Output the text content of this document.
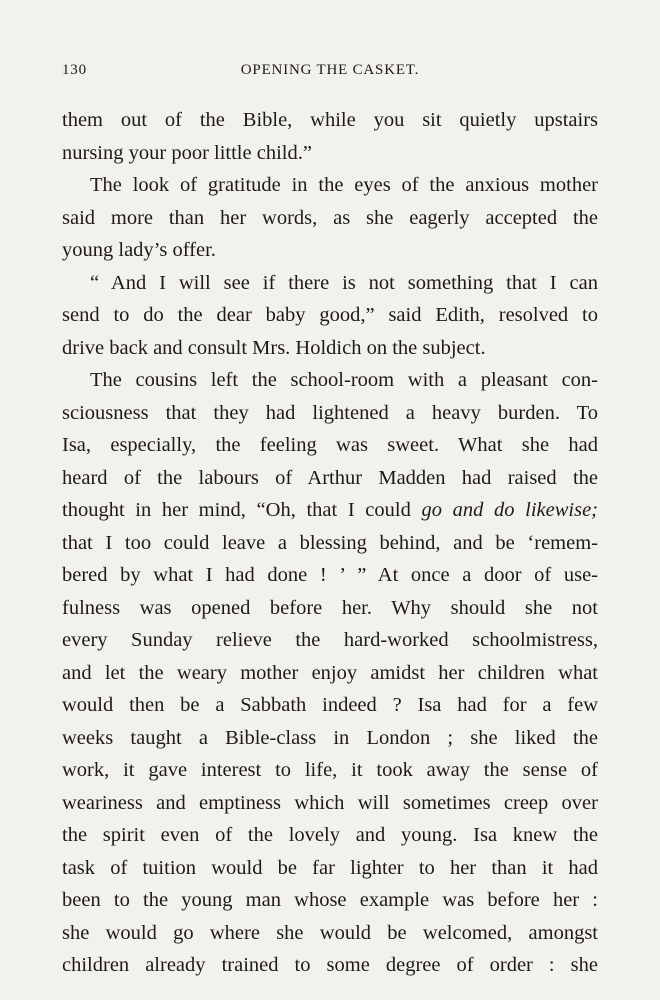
130	OPENING THE CASKET.
them out of the Bible, while you sit quietly upstairs
nursing your poor little child.”
The look of gratitude in the eyes of the anxious mother
said more than her words, as she eagerly accepted the
young lady’s offer.
“ And I will see if there is not something that I can
send to do the dear baby good,” said Edith, resolved to
drive back and consult Mrs. Holdich on the subject.
The cousins left the school-room with a pleasant con-
sciousness that they had lightened a heavy burden. To
Isa, especially, the feeling was sweet. What she had
heard of the labours of Arthur Madden had raised the
thought in her mind, “Oh, that I could go and do likewise;
that I too could leave a blessing behind, and be ‘remem-
bered by what I had done ! ’ ” At once a door of use-
fulness was opened before her. Why should she not
every Sunday relieve the hard-worked schoolmistress,
and let the weary mother enjoy amidst her children what
would then be a Sabbath indeed ? Isa had for a few
weeks taught a Bible-class in London ; she liked the
work, it gave interest to life, it took away the sense of
weariness and emptiness which will sometimes creep over
the spirit even of the lovely and young. Isa knew the
task of tuition would be far lighter to her than it had
been to the young man whose example was before her :
she would go where she would be welcomed, amongst
children already trained to some degree of order : she
